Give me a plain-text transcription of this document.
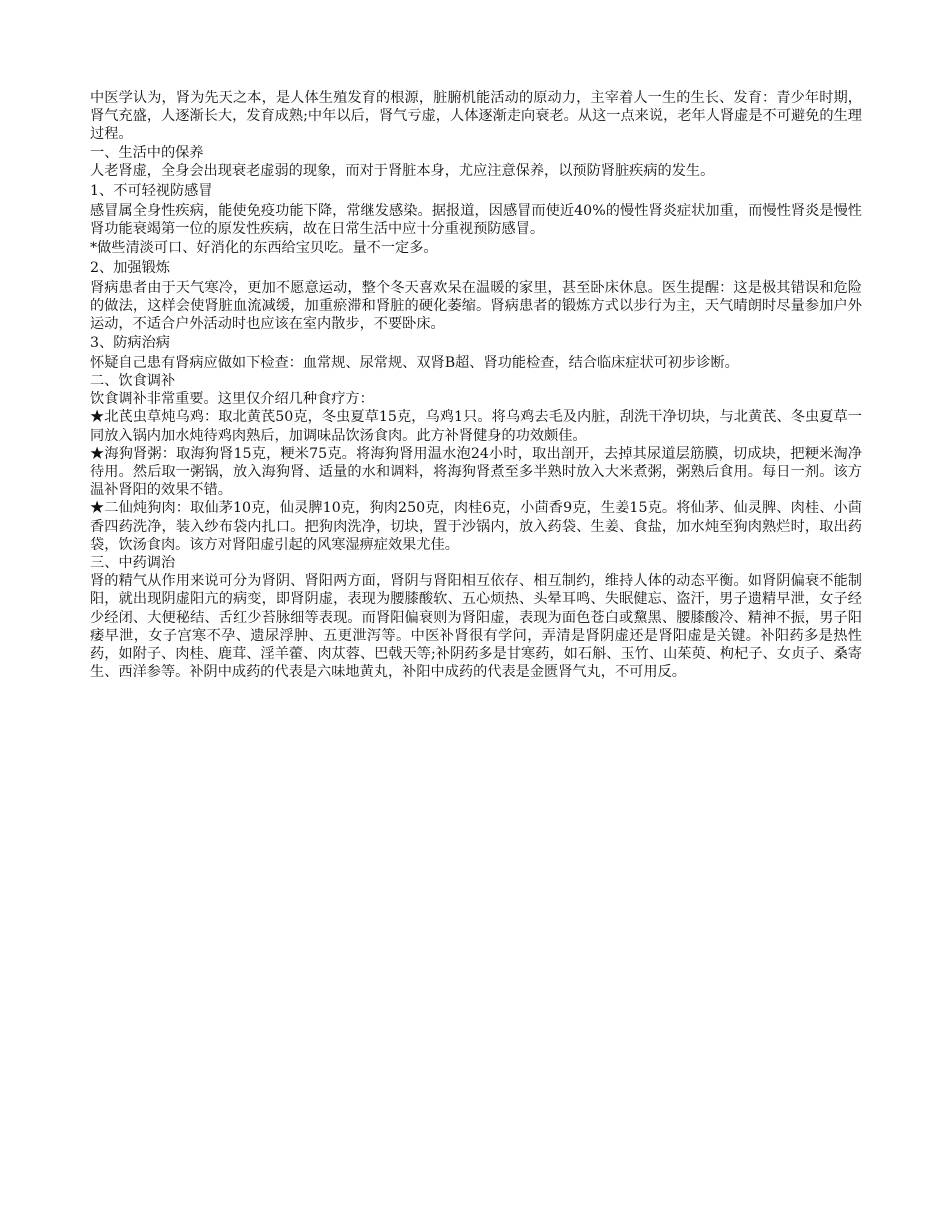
中医学认为，肾为先天之本，是人体生殖发育的根源，脏腑机能活动的原动力，主宰着人一生的生长、发育：青少年时期，肾气充盛，人逐渐长大，发育成熟;中年以后，肾气亏虚，人体逐渐走向衰老。从这一点来说，老年人肾虚是不可避免的生理过程。

一、生活中的保养

人老肾虚，全身会出现衰老虚弱的现象，而对于肾脏本身，尤应注意保养，以预防肾脏疾病的发生。

1、不可轻视防感冒

感冒属全身性疾病，能使免疫功能下降，常继发感染。据报道，因感冒而使近40%的慢性肾炎症状加重，而慢性肾炎是慢性肾功能衰竭第一位的原发性疾病，故在日常生活中应十分重视预防感冒。

*做些清淡可口、好消化的东西给宝贝吃。量不一定多。

2、加强锻炼

肾病患者由于天气寒冷，更加不愿意运动，整个冬天喜欢呆在温暖的家里，甚至卧床休息。医生提醒：这是极其错误和危险的做法，这样会使肾脏血流减缓，加重瘀滞和肾脏的硬化萎缩。肾病患者的锻炼方式以步行为主，天气晴朗时尽量参加户外运动，不适合户外活动时也应该在室内散步，不要卧床。

3、防病治病

怀疑自己患有肾病应做如下检查：血常规、尿常规、双肾B超、肾功能检查，结合临床症状可初步诊断。

二、饮食调补

饮食调补非常重要。这里仅介绍几种食疗方：

★北芪虫草炖乌鸡：取北黄芪50克，冬虫夏草15克，乌鸡1只。将乌鸡去毛及内脏，刮洗干净切块，与北黄芪、冬虫夏草一同放入锅内加水炖待鸡肉熟后，加调味品饮汤食肉。此方补肾健身的功效颇佳。

★海狗肾粥：取海狗肾15克，粳米75克。将海狗肾用温水泡24小时，取出剖开，去掉其尿道层筋膜，切成块，把粳米淘净待用。然后取一粥锅，放入海狗肾、适量的水和调料，将海狗肾煮至多半熟时放入大米煮粥，粥熟后食用。每日一剂。该方温补肾阳的效果不错。

★二仙炖狗肉：取仙茅10克，仙灵脾10克，狗肉250克，肉桂6克，小茴香9克，生姜15克。将仙茅、仙灵脾、肉桂、小茴香四药洗净，装入纱布袋内扎口。把狗肉洗净，切块，置于沙锅内，放入药袋、生姜、食盐，加水炖至狗肉熟烂时，取出药袋，饮汤食肉。该方对肾阳虚引起的风寒湿痹症效果尤佳。

三、中药调治

肾的精气从作用来说可分为肾阴、肾阳两方面，肾阴与肾阳相互依存、相互制约，维持人体的动态平衡。如肾阴偏衰不能制阳，就出现阴虚阳亢的病变，即肾阴虚，表现为腰膝酸软、五心烦热、头晕耳鸣、失眠健忘、盗汗，男子遗精早泄，女子经少经闭、大便秘结、舌红少苔脉细等表现。而肾阳偏衰则为肾阳虚，表现为面色苍白或黧黑、腰膝酸冷、精神不振，男子阳痿早泄，女子宫寒不孕、遗尿浮肿、五更泄泻等。中医补肾很有学问，弄清是肾阴虚还是肾阳虚是关键。补阳药多是热性药，如附子、肉桂、鹿茸、淫羊藿、肉苁蓉、巴戟天等;补阴药多是甘寒药，如石斛、玉竹、山茱萸、枸杞子、女贞子、桑寄生、西洋参等。补阴中成药的代表是六味地黄丸，补阳中成药的代表是金匮肾气丸，不可用反。
